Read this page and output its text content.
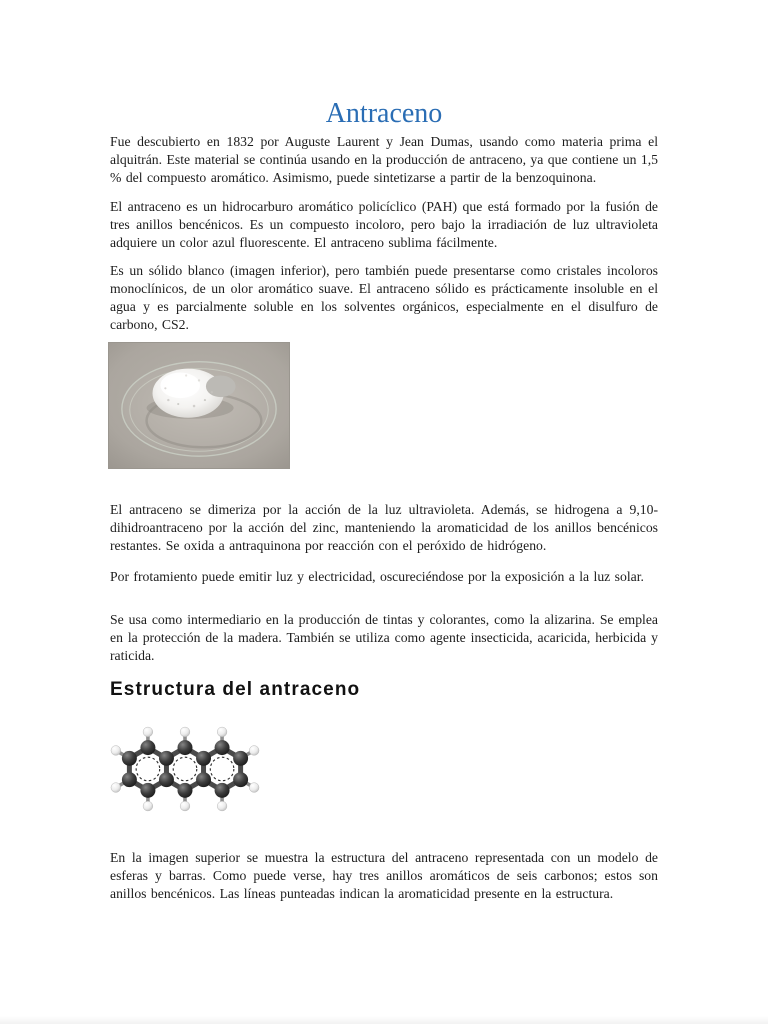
Antraceno
Fue descubierto en 1832 por Auguste Laurent y Jean Dumas, usando como materia prima el alquitrán. Este material se continúa usando en la producción de antraceno, ya que contiene un 1,5 % del compuesto aromático. Asimismo, puede sintetizarse a partir de la benzoquinona.
El antraceno es un hidrocarburo aromático policíclico (PAH) que está formado por la fusión de tres anillos bencénicos. Es un compuesto incoloro, pero bajo la irradiación de luz ultravioleta adquiere un color azul fluorescente. El antraceno sublima fácilmente.
Es un sólido blanco (imagen inferior), pero también puede presentarse como cristales incoloros monoclínicos, de un olor aromático suave. El antraceno sólido es prácticamente insoluble en el agua y es parcialmente soluble en los solventes orgánicos, especialmente en el disulfuro de carbono, CS2.
El antraceno se dimeriza por la acción de la luz ultravioleta. Además, se hidrogena a 9,10-dihidroantraceno por la acción del zinc, manteniendo la aromaticidad de los anillos bencénicos restantes. Se oxida a antraquinona por reacción con el peróxido de hidrógeno.
Por frotamiento puede emitir luz y electricidad, oscureciéndose por la exposición a la luz solar.
Se usa como intermediario en la producción de tintas y colorantes, como la alizarina. Se emplea en la protección de la madera. También se utiliza como agente insecticida, acaricida, herbicida y raticida.
Estructura del antraceno
En la imagen superior se muestra la estructura del antraceno representada con un modelo de esferas y barras. Como puede verse, hay tres anillos aromáticos de seis carbonos; estos son anillos bencénicos. Las líneas punteadas indican la aromaticidad presente en la estructura.
